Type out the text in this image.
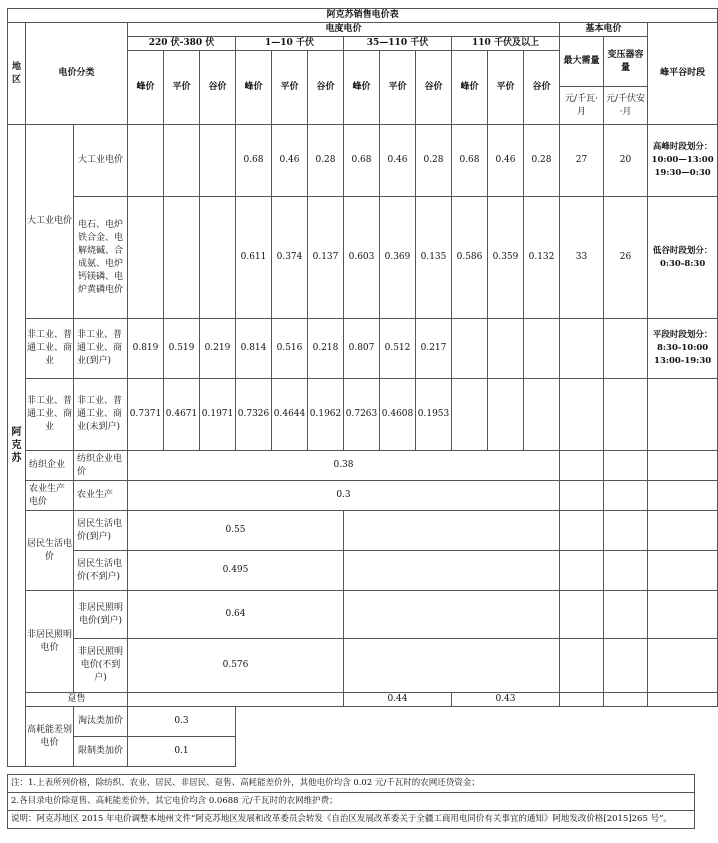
阿克苏销售电价表																	
地区	电价分类		电度电价												基本电价		峰平谷时段
			220 伏-380 伏			1—10 千伏			35—110 千伏			110 千伏及以上			最大需量	变压器容量	
			峰价	平价	谷价	峰价	平价	谷价	峰价	平价	谷价	峰价	平价	谷价			
															元/千瓦·月	元/千伏安·月	
阿克苏	大工业电价	大工业电价				0.68	0.46	0.28	0.68	0.46	0.28	0.68	0.46	0.28	27	20	高峰时段划分：10:00—13:00 19:30—0:30
		电石、电炉铁合金、电解烧碱、合成氨、电炉钙镁磷、电炉黄磷电价				0.611	0.374	0.137	0.603	0.369	0.135	0.586	0.359	0.132	33	26	低谷时段划分：0:30-8:30
	非工业、普通工业、商业	非工业、普通工业、商业(到户)	0.819	0.519	0.219	0.814	0.516	0.218	0.807	0.512	0.217						平段时段划分：8:30-10:00 13:00-19:30
	非工业、普通工业、商业	非工业、普通工业、商业(未到户)	0.7371	0.4671	0.1971	0.7326	0.4644	0.1962	0.7263	0.4608	0.1953						
	纺织企业	纺织企业电价	0.38														
	农业生产电价	农业生产	0.3														
	居民生活电价	居民生活电价(到户)	0.55														
		居民生活电价(不到户)	0.495														
	非居民照明电价	非居民照明电价(到户)	0.64														
		非居民照明电价(不到户)	0.576														
	趸售								0.44			0.43					
	高耗能差别电价	淘汰类加价	0.3														
		限制类加价	0.1														
注：1.上表所列价格，除纺织、农业、居民、非居民、趸售、高耗能差价外，其他电价均含 0.02 元/千瓦时的农网还贷资金；
2.各目录电价除趸售、高耗能差价外，其它电价均含 0.0688 元/千瓦时的农网维护费；
说明：阿克苏地区 2015 年电价调整本地州文件“阿克苏地区发展和改革委员会转发《自治区发展改革委关于全疆工商用电同价有关事宜的通知》阿地发改价格[2015]265 号”。
